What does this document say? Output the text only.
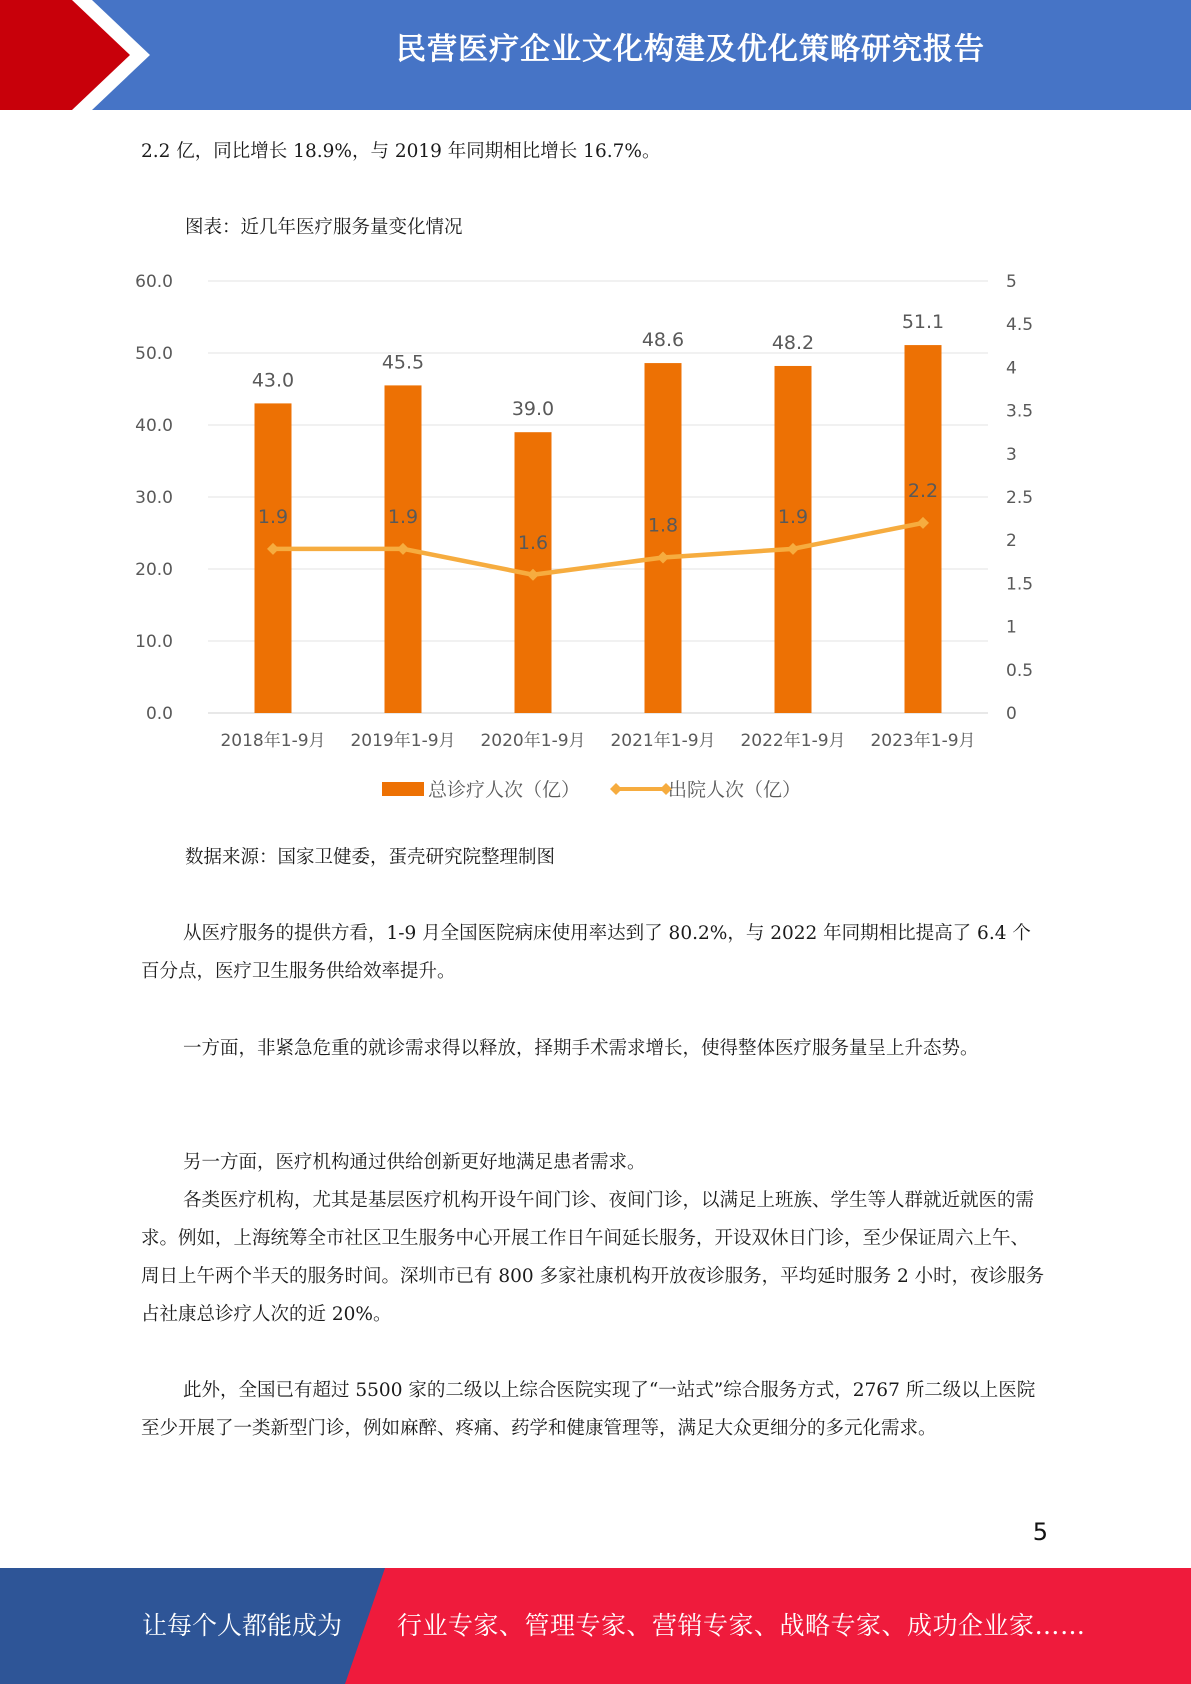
民营医疗企业文化构建及优化策略研究报告

2.2 亿，同比增长 18.9%，与 2019 年同期相比增长 16.7%。

图表：近几年医疗服务量变化情况
0.0
10.0
20.0
30.0
40.0
50.0
60.0
0
0.5
1
1.5
2
2.5
3
3.5
4
4.5
5
43.0
45.5
39.0
48.6	48.2
51.1
2018年1-9月 2019年1-9月 2020年1-9月 2021年1-9月 2022年1-9月 2023年1-9月
1.9	1.9
1.6
1.8	1.9
2.2
总诊疗人次（亿）	出院人次（亿）
数据来源：国家卫健委，蛋壳研究院整理制图

从医疗服务的提供方看，1-9 月全国医院病床使用率达到了 80.2%，与 2022 年同期相比提高了 6.4 个百分点，医疗卫生服务供给效率提升。

一方面，非紧急危重的就诊需求得以释放，择期手术需求增长，使得整体医疗服务量呈上升态势。

另一方面，医疗机构通过供给创新更好地满足患者需求。

各类医疗机构，尤其是基层医疗机构开设午间门诊、夜间门诊，以满足上班族、学生等人群就近就医的需求。例如，上海统筹全市社区卫生服务中心开展工作日午间延长服务，开设双休日门诊，至少保证周六上午、周日上午两个半天的服务时间。深圳市已有 800 多家社康机构开放夜诊服务，平均延时服务 2 小时，夜诊服务占社康总诊疗人次的近 20%。

此外，全国已有超过 5500 家的二级以上综合医院实现了“一站式”综合服务方式，2767 所二级以上医院至少开展了一类新型门诊，例如麻醉、疼痛、药学和健康管理等，满足大众更细分的多元化需求。

5
让每个人都能成为 行业专家、管理专家、营销专家、战略专家、成功企业家……
